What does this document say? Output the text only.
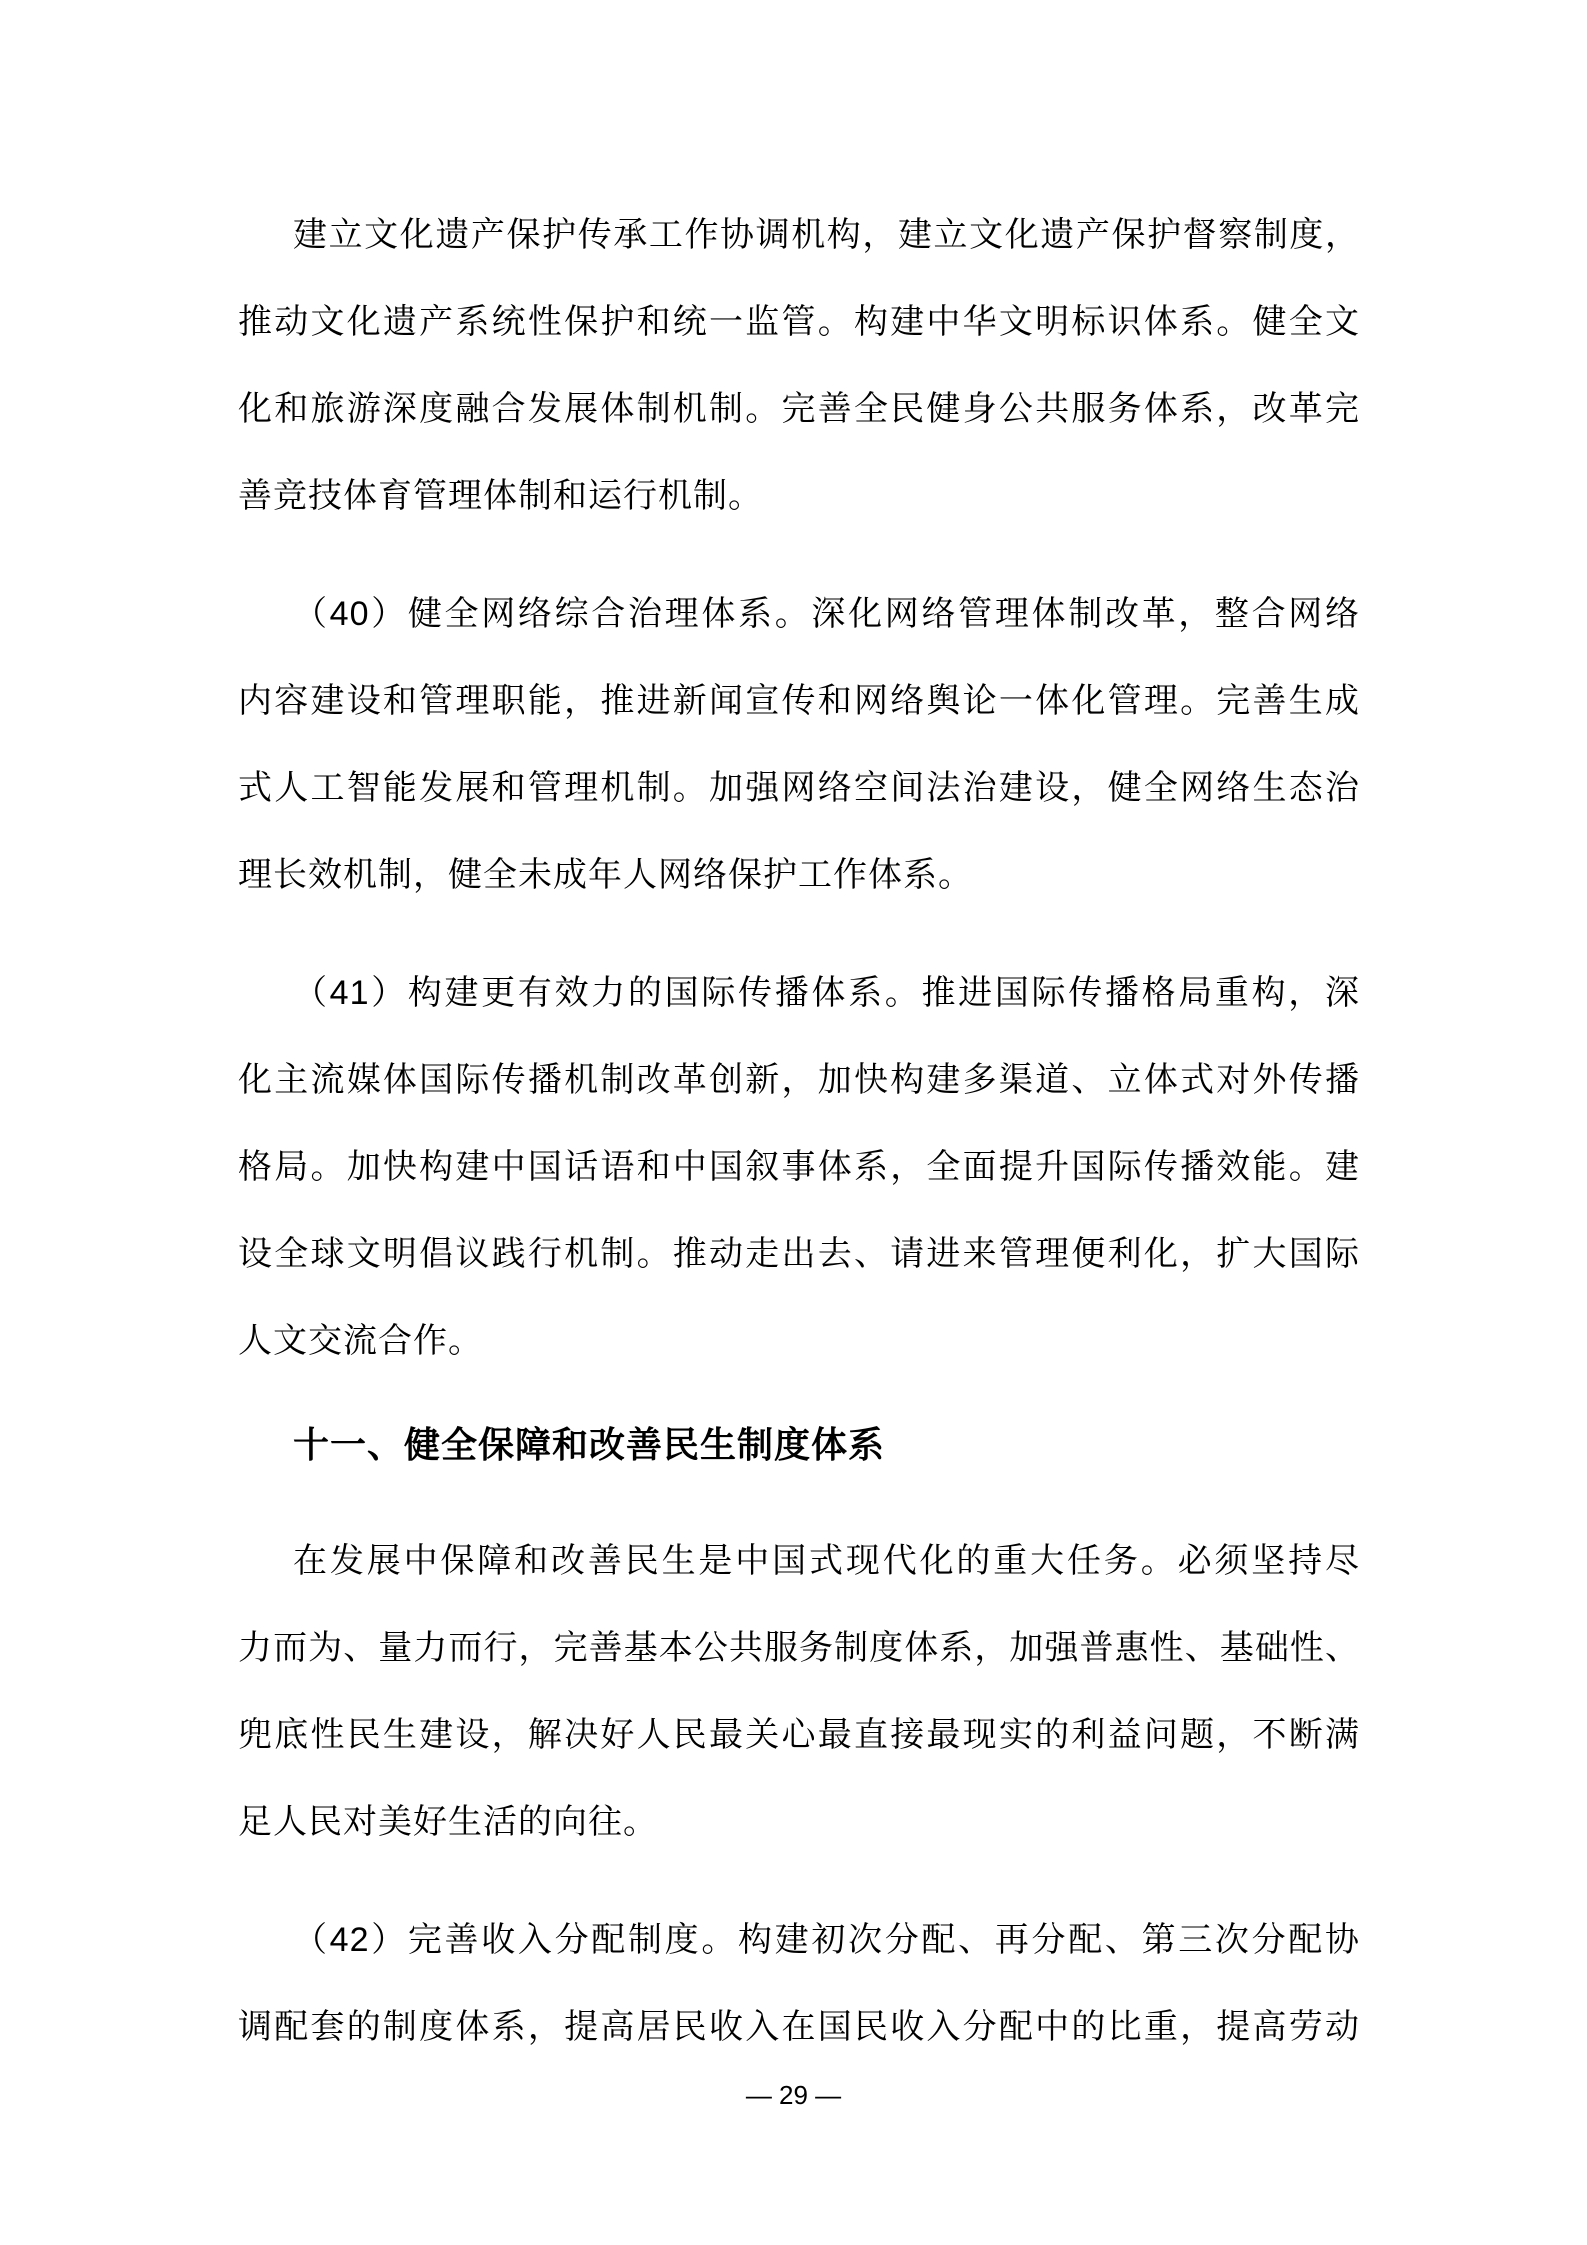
建立文化遗产保护传承工作协调机构，建立文化遗产保护督察制度，
推动文化遗产系统性保护和统一监管。构建中华文明标识体系。健全文
化和旅游深度融合发展体制机制。完善全民健身公共服务体系，改革完
善竞技体育管理体制和运行机制。

（40）健全网络综合治理体系。深化网络管理体制改革，整合网络
内容建设和管理职能，推进新闻宣传和网络舆论一体化管理。完善生成
式人工智能发展和管理机制。加强网络空间法治建设，健全网络生态治
理长效机制，健全未成年人网络保护工作体系。

（41）构建更有效力的国际传播体系。推进国际传播格局重构，深
化主流媒体国际传播机制改革创新，加快构建多渠道、立体式对外传播
格局。加快构建中国话语和中国叙事体系，全面提升国际传播效能。建
设全球文明倡议践行机制。推动走出去、请进来管理便利化，扩大国际
人文交流合作。

十一、健全保障和改善民生制度体系

在发展中保障和改善民生是中国式现代化的重大任务。必须坚持尽
力而为、量力而行，完善基本公共服务制度体系，加强普惠性、基础性、
兜底性民生建设，解决好人民最关心最直接最现实的利益问题，不断满
足人民对美好生活的向往。

（42）完善收入分配制度。构建初次分配、再分配、第三次分配协
调配套的制度体系，提高居民收入在国民收入分配中的比重，提高劳动

— 29 —
